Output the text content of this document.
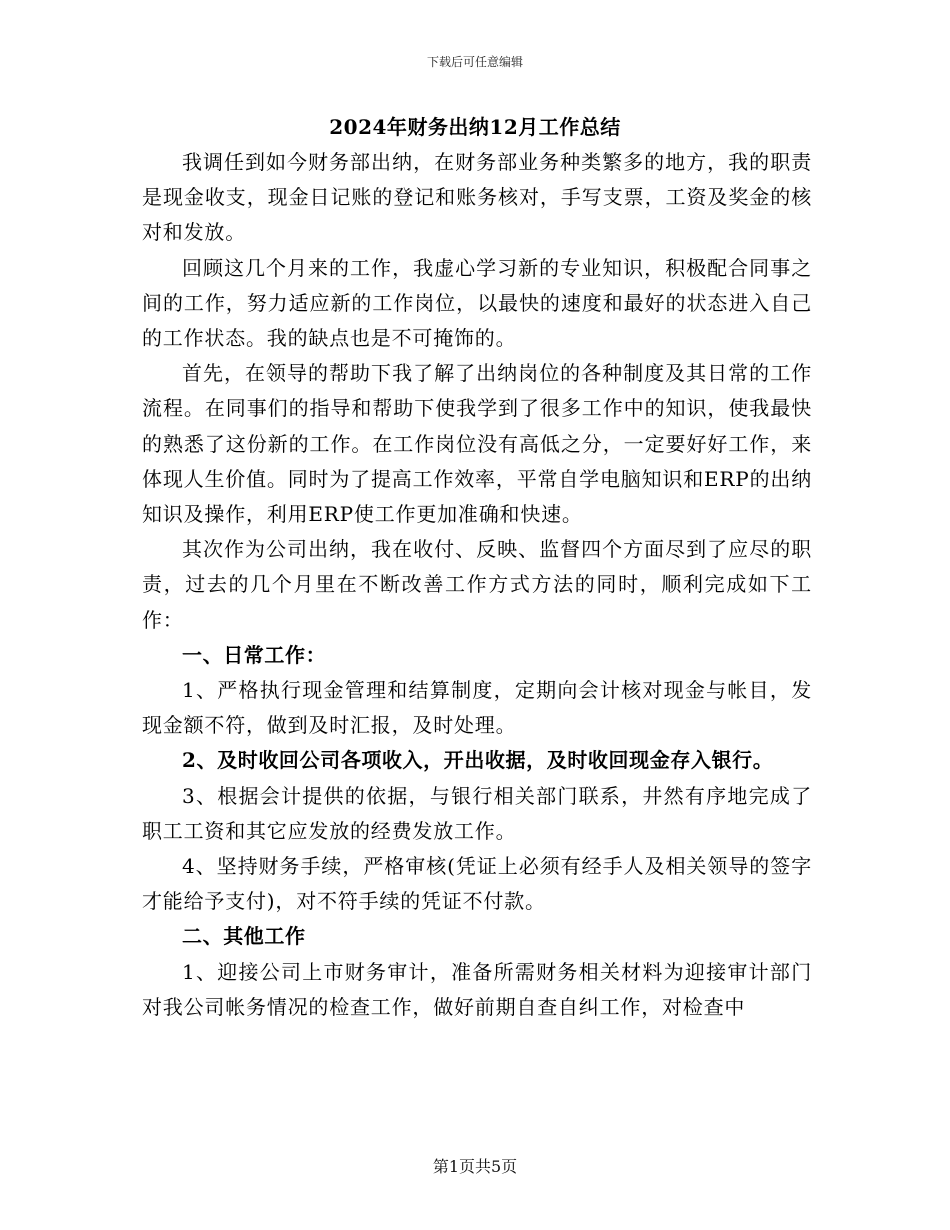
下载后可任意编辑
2024年财务出纳12月工作总结

我调任到如今财务部出纳，在财务部业务种类繁多的地方，我的职责是现金收支，现金日记账的登记和账务核对，手写支票，工资及奖金的核对和发放。

回顾这几个月来的工作，我虚心学习新的专业知识，积极配合同事之间的工作，努力适应新的工作岗位，以最快的速度和最好的状态进入自己的工作状态。我的缺点也是不可掩饰的。

首先，在领导的帮助下我了解了出纳岗位的各种制度及其日常的工作流程。在同事们的指导和帮助下使我学到了很多工作中的知识，使我最快的熟悉了这份新的工作。在工作岗位没有高低之分，一定要好好工作，来体现人生价值。同时为了提高工作效率，平常自学电脑知识和ERP的出纳知识及操作，利用ERP使工作更加准确和快速。

其次作为公司出纳，我在收付、反映、监督四个方面尽到了应尽的职责，过去的几个月里在不断改善工作方式方法的同时，顺利完成如下工作：

一、日常工作：

1、严格执行现金管理和结算制度，定期向会计核对现金与帐目，发现金额不符，做到及时汇报，及时处理。

2、及时收回公司各项收入，开出收据，及时收回现金存入银行。

3、根据会计提供的依据，与银行相关部门联系，井然有序地完成了职工工资和其它应发放的经费发放工作。

4、坚持财务手续，严格审核(凭证上必须有经手人及相关领导的签字才能给予支付)，对不符手续的凭证不付款。

二、其他工作

1、迎接公司上市财务审计，准备所需财务相关材料为迎接审计部门对我公司帐务情况的检查工作，做好前期自查自纠工作，对检查中

第1页共5页
